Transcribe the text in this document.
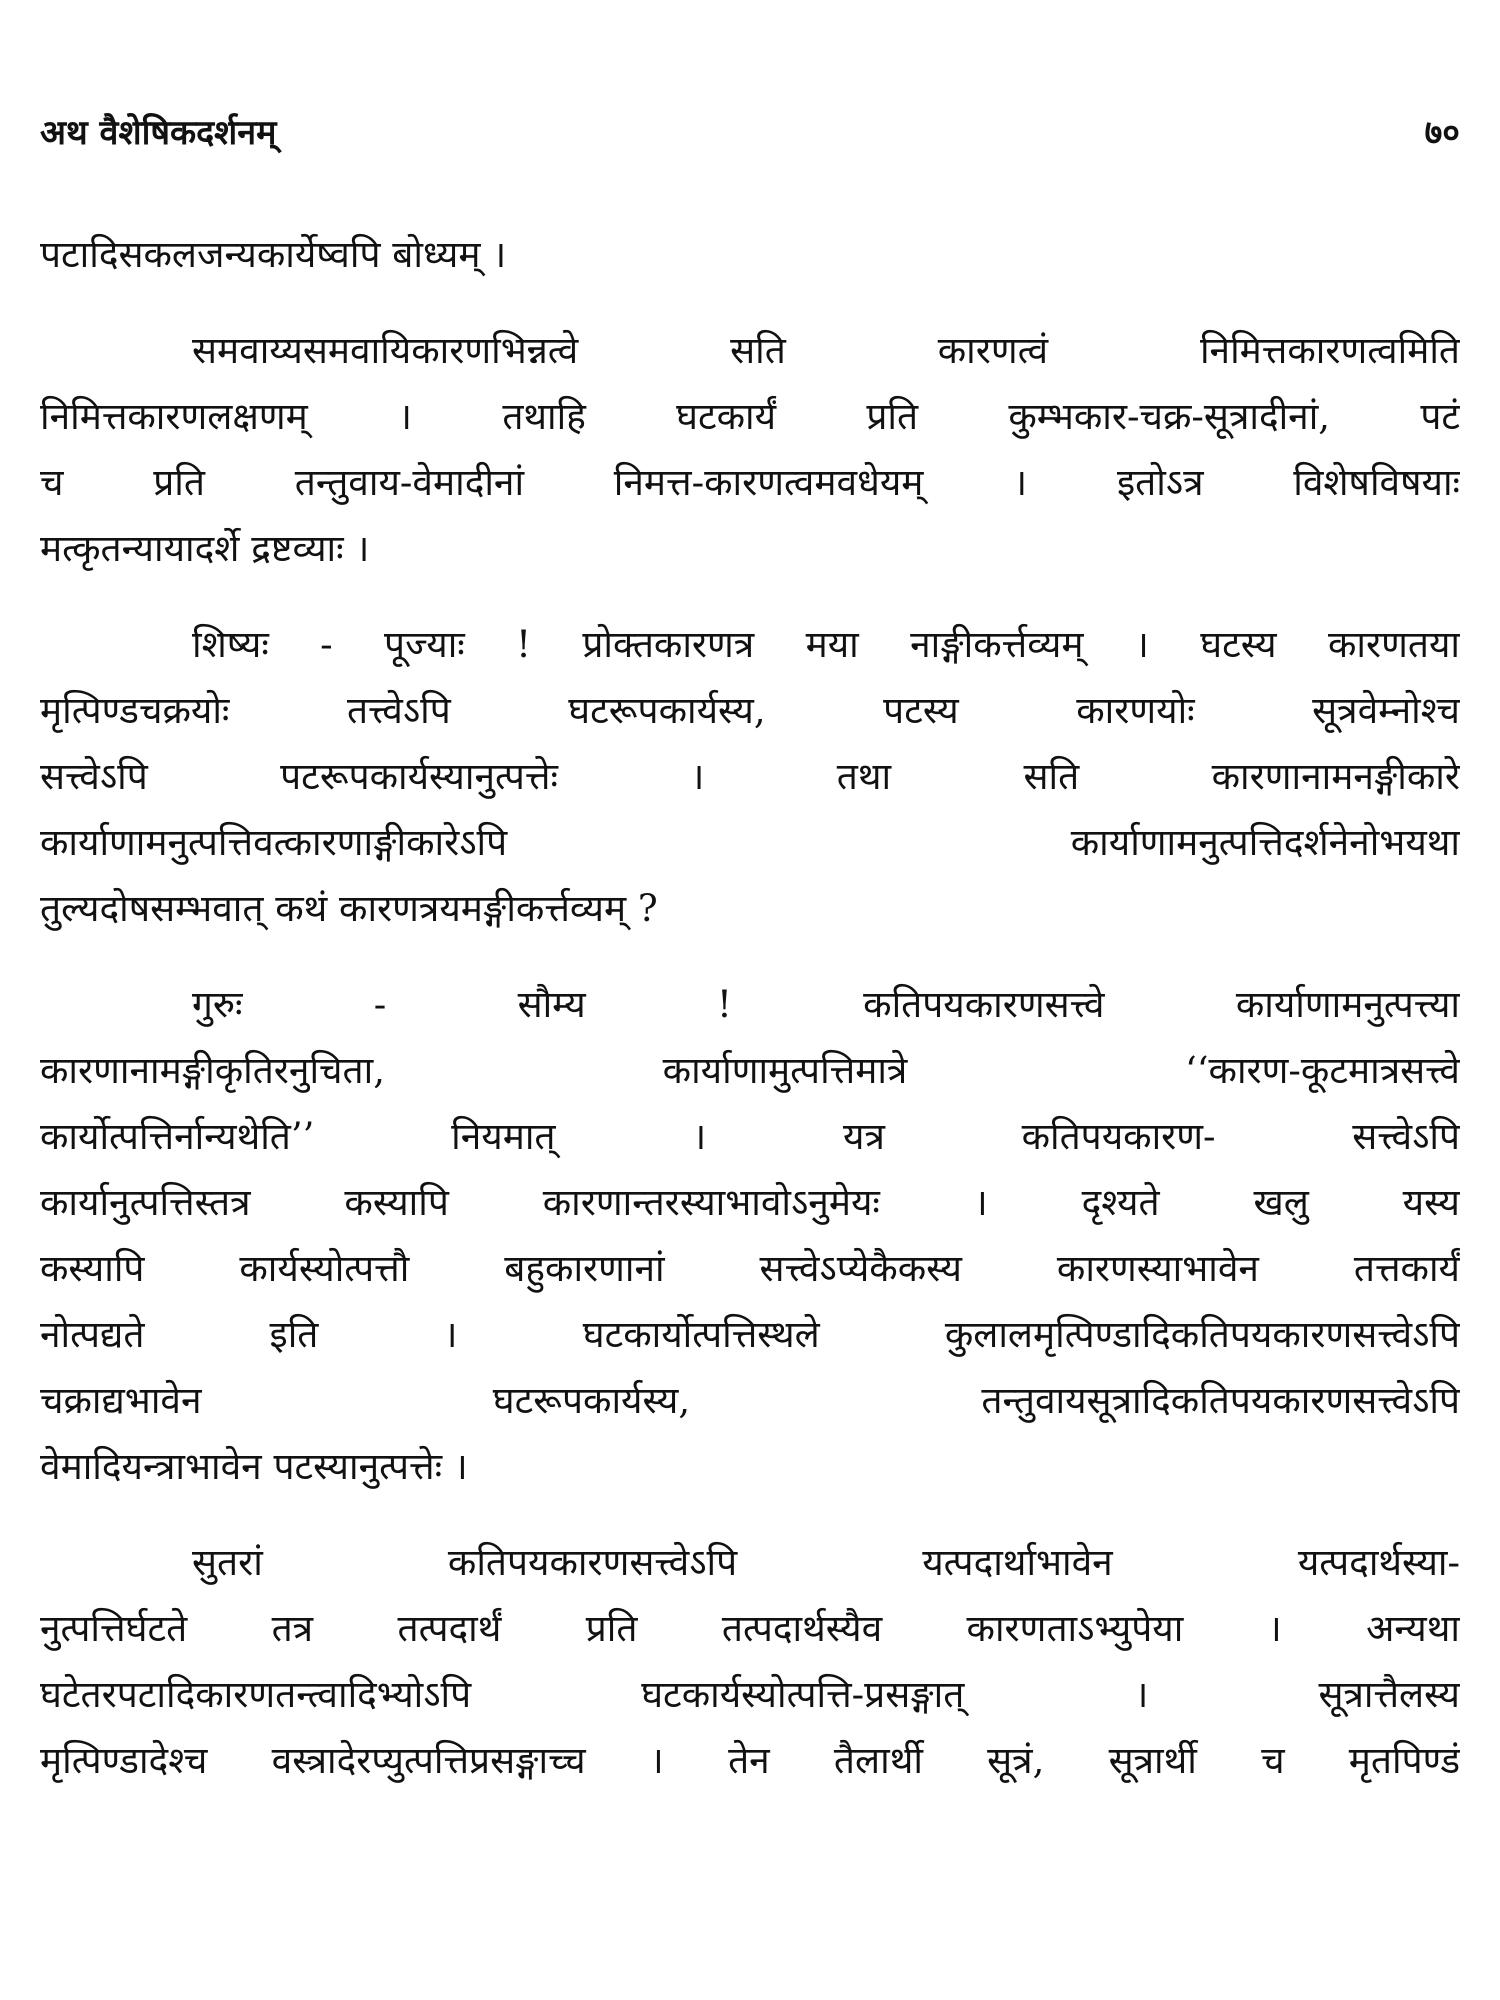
अथ वैशेषिकदर्शनम्	७०

पटादिसकलजन्यकार्येष्वपि बोध्यम् ।

समवाय्यसमवायिकारणभिन्नत्वे सति कारणत्वं निमित्तकारणत्वमिति
निमित्तकारणलक्षणम् । तथाहि घटकार्यं प्रति कुम्भकार-चक्र-सूत्रादीनां, पटं
च प्रति तन्तुवाय-वेमादीनां निमत्त-कारणत्वमवधेयम् । इतोऽत्र विशेषविषयाः
मत्कृतन्यायादर्शे द्रष्टव्याः ।

शिष्यः - पूज्याः ! प्रोक्तकारणत्र मया नाङ्गीकर्त्तव्यम् । घटस्य कारणतया
मृत्पिण्डचक्रयोः तत्त्वेऽपि घटरूपकार्यस्य, पटस्य कारणयोः सूत्रवेम्नोश्च
सत्त्वेऽपि पटरूपकार्यस्यानुत्पत्तेः । तथा सति कारणानामनङ्गीकारे
कार्याणामनुत्पत्तिवत्कारणाङ्गीकारेऽपि कार्याणामनुत्पत्तिदर्शनेनोभयथा
तुल्यदोषसम्भवात् कथं कारणत्रयमङ्गीकर्त्तव्यम् ?

गुरुः - सौम्य ! कतिपयकारणसत्त्वे कार्याणामनुत्पत्त्या
कारणानामङ्गीकृतिरनुचिता, कार्याणामुत्पत्तिमात्रे ‘‘कारण-कूटमात्रसत्त्वे
कार्योत्पत्तिर्नान्यथेति’’ नियमात् । यत्र कतिपयकारण- सत्त्वेऽपि
कार्यानुत्पत्तिस्तत्र कस्यापि कारणान्तरस्याभावोऽनुमेयः । दृश्यते खलु यस्य
कस्यापि कार्यस्योत्पत्तौ बहुकारणानां सत्त्वेऽप्येकैकस्य कारणस्याभावेन तत्तकार्यं
नोत्पद्यते इति । घटकार्योत्पत्तिस्थले कुलालमृत्पिण्डादिकतिपयकारणसत्त्वेऽपि
चक्राद्यभावेन घटरूपकार्यस्य, तन्तुवायसूत्रादिकतिपयकारणसत्त्वेऽपि
वेमादियन्त्राभावेन पटस्यानुत्पत्तेः ।

सुतरां कतिपयकारणसत्त्वेऽपि यत्पदार्थाभावेन यत्पदार्थस्या-
नुत्पत्तिर्घटते तत्र तत्पदार्थं प्रति तत्पदार्थस्यैव कारणताऽभ्युपेया । अन्यथा
घटेतरपटादिकारणतन्त्वादिभ्योऽपि घटकार्यस्योत्पत्ति-प्रसङ्गात् । सूत्रात्तैलस्य
मृत्पिण्डादेश्च वस्त्रादेरप्युत्पत्तिप्रसङ्गाच्च । तेन तैलार्थी सूत्रं, सूत्रार्थी च मृतपिण्डं
